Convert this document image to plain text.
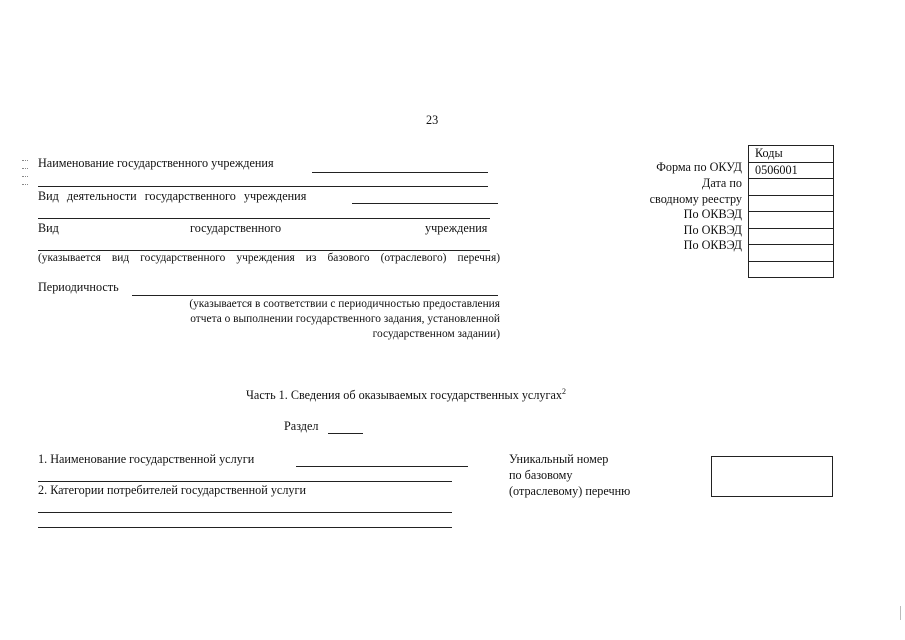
23
Наименование государственного учреждения
Вид деятельности государственного учреждения
Вид	государственного	учреждения
(указывается вид государственного учреждения из базового (отраслевого) перечня)
Периодичность
(указывается в соответствии с периодичностью предоставления
отчета о выполнении государственного задания, установленной
государственном задании)
Форма по ОКУД
Дата по
сводному реестру
По ОКВЭД
По ОКВЭД
По ОКВЭД
Коды
0506001
Часть 1. Сведения об оказываемых государственных услугах$^2$
Раздел
1. Наименование государственной услуги
2. Категории потребителей государственной услуги
Уникальный номер
по базовому
(отраслевому) перечню
